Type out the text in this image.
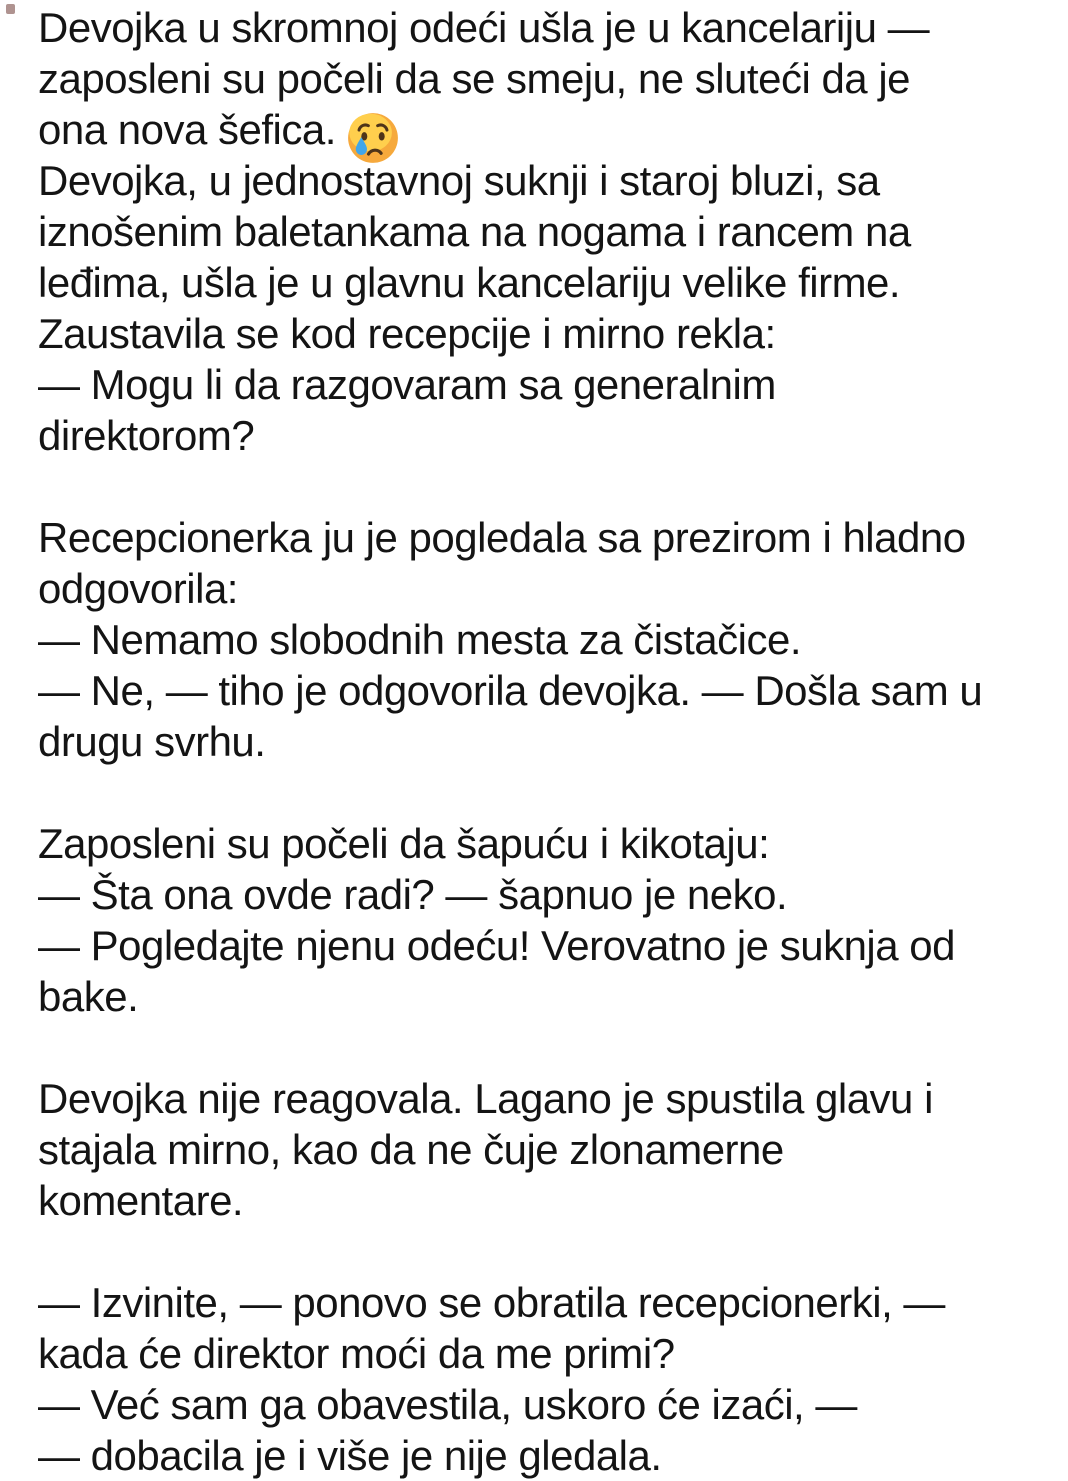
Devojka u skromnoj odeći ušla je u kancelariju —
zaposleni su počeli da se smeju, ne sluteći da je
ona nova šefica.
Devojka, u jednostavnoj suknji i staroj bluzi, sa
iznošenim baletankama na nogama i rancem na
leđima, ušla je u glavnu kancelariju velike firme.
Zaustavila se kod recepcije i mirno rekla:
— Mogu li da razgovaram sa generalnim
direktorom?
Recepcionerka ju je pogledala sa prezirom i hladno
odgovorila:
— Nemamo slobodnih mesta za čistačice.
— Ne, — tiho je odgovorila devojka. — Došla sam u
drugu svrhu.
Zaposleni su počeli da šapuću i kikotaju:
— Šta ona ovde radi? — šapnuo je neko.
— Pogledajte njenu odeću! Verovatno je suknja od
bake.
Devojka nije reagovala. Lagano je spustila glavu i
stajala mirno, kao da ne čuje zlonamerne
komentare.
— Izvinite, — ponovo se obratila recepcionerki, —
kada će direktor moći da me primi?
— Već sam ga obavestila, uskoro će izaći, —
— dobacila je i više je nije gledala.
